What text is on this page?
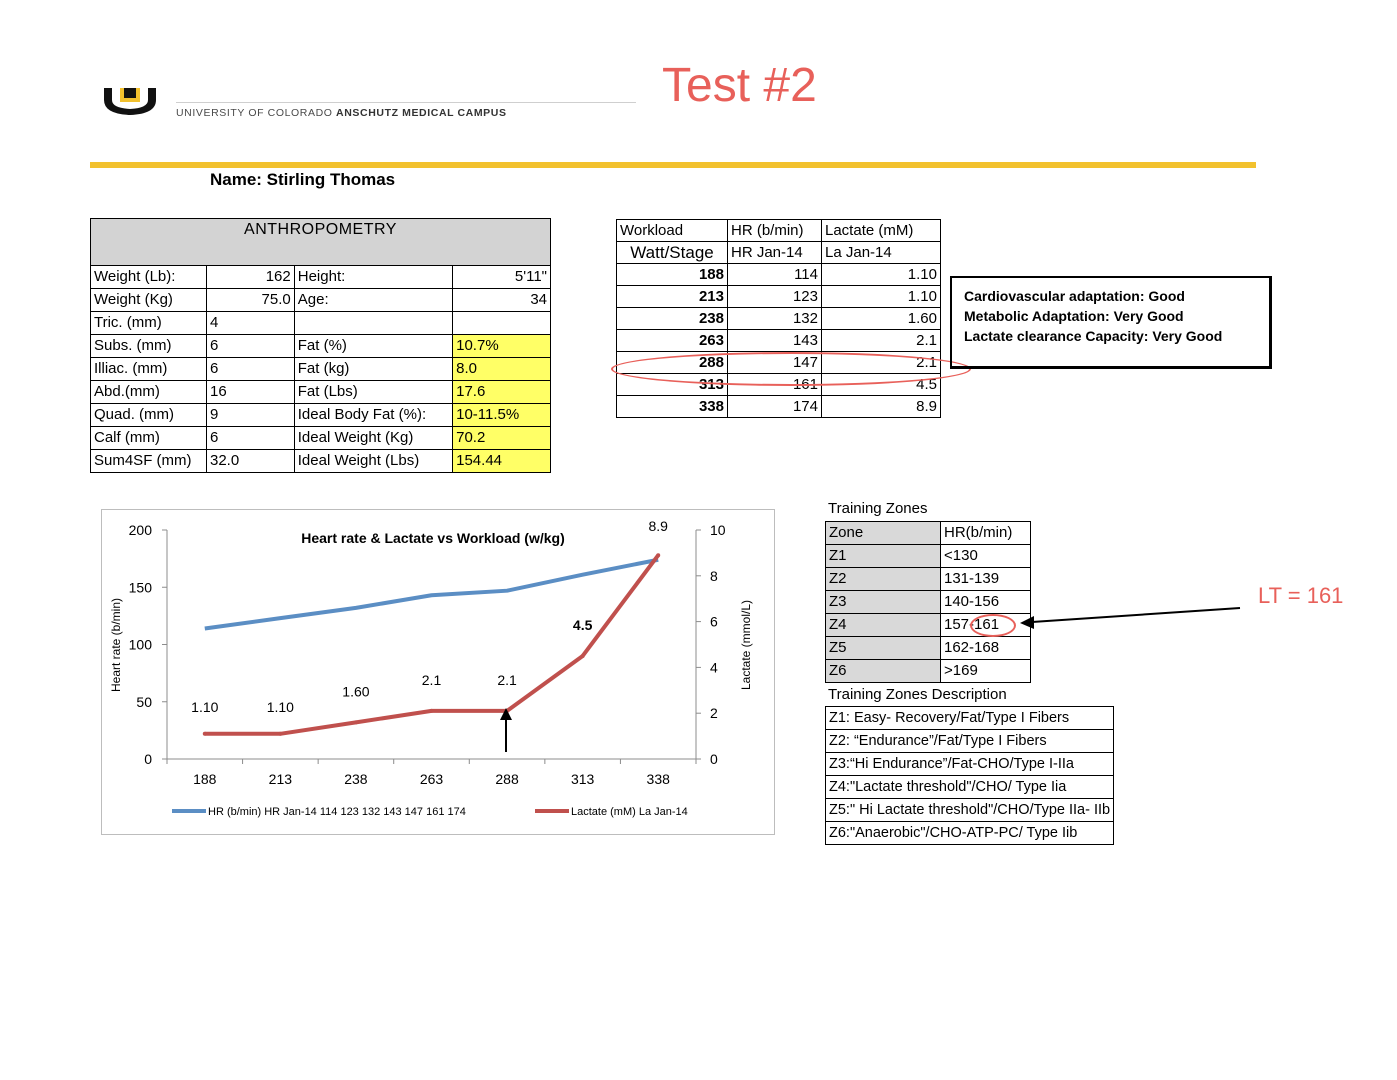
UNIVERSITY OF COLORADO ANSCHUTZ MEDICAL CAMPUS
Test #2
Name: Stirling Thomas
ANTHROPOMETRY			
Weight (Lb):	162	Height:	5'11"
Weight (Kg)	75.0	Age:	34
Tric. (mm)	4		
Subs. (mm)	6	Fat (%)	10.7%
Illiac. (mm)	6	Fat (kg)	8.0
Abd.(mm)	16	Fat (Lbs)	17.6
Quad. (mm)	9	Ideal Body Fat (%):	10-11.5%
Calf (mm)	6	Ideal Weight (Kg)	70.2
Sum4SF (mm)	32.0	Ideal Weight (Lbs)	154.44
Workload	HR (b/min)	Lactate (mM)
Watt/Stage	HR Jan-14	La Jan-14
188	114	1.10
213	123	1.10
238	132	1.60
263	143	2.1
288	147	2.1
313	161	4.5
338	174	8.9
Cardiovascular adaptation: Good
Metabolic Adaptation: Very Good
Lactate clearance Capacity: Very Good
Heart rate & Lactate vs Workload (w/kg)
Heart rate (b/min)	Lactate (mmol/L)
0
50
100
150
200
0
2
4
6
8
10
188	213	238	263	288	313	338
1.10	1.10
1.60
2.1	2.1
4.5
8.9
HR (b/min) HR Jan-14 114 123 132 143 147 161 174	Lactate (mM) La Jan-14
Training Zones
Zone	HR(b/min)
Z1	<130
Z2	131-139
Z3	140-156
Z4	157-161
Z5	162-168
Z6	>169
LT = 161
Training Zones Description
Z1: Easy- Recovery/Fat/Type I Fibers
Z2: “Endurance”/Fat/Type I Fibers
Z3:“Hi Endurance”/Fat-CHO/Type I-IIa
Z4:"Lactate threshold"/CHO/ Type Iia
Z5:" Hi Lactate threshold"/CHO/Type IIa- IIb
Z6:"Anaerobic"/CHO-ATP-PC/ Type Iib
